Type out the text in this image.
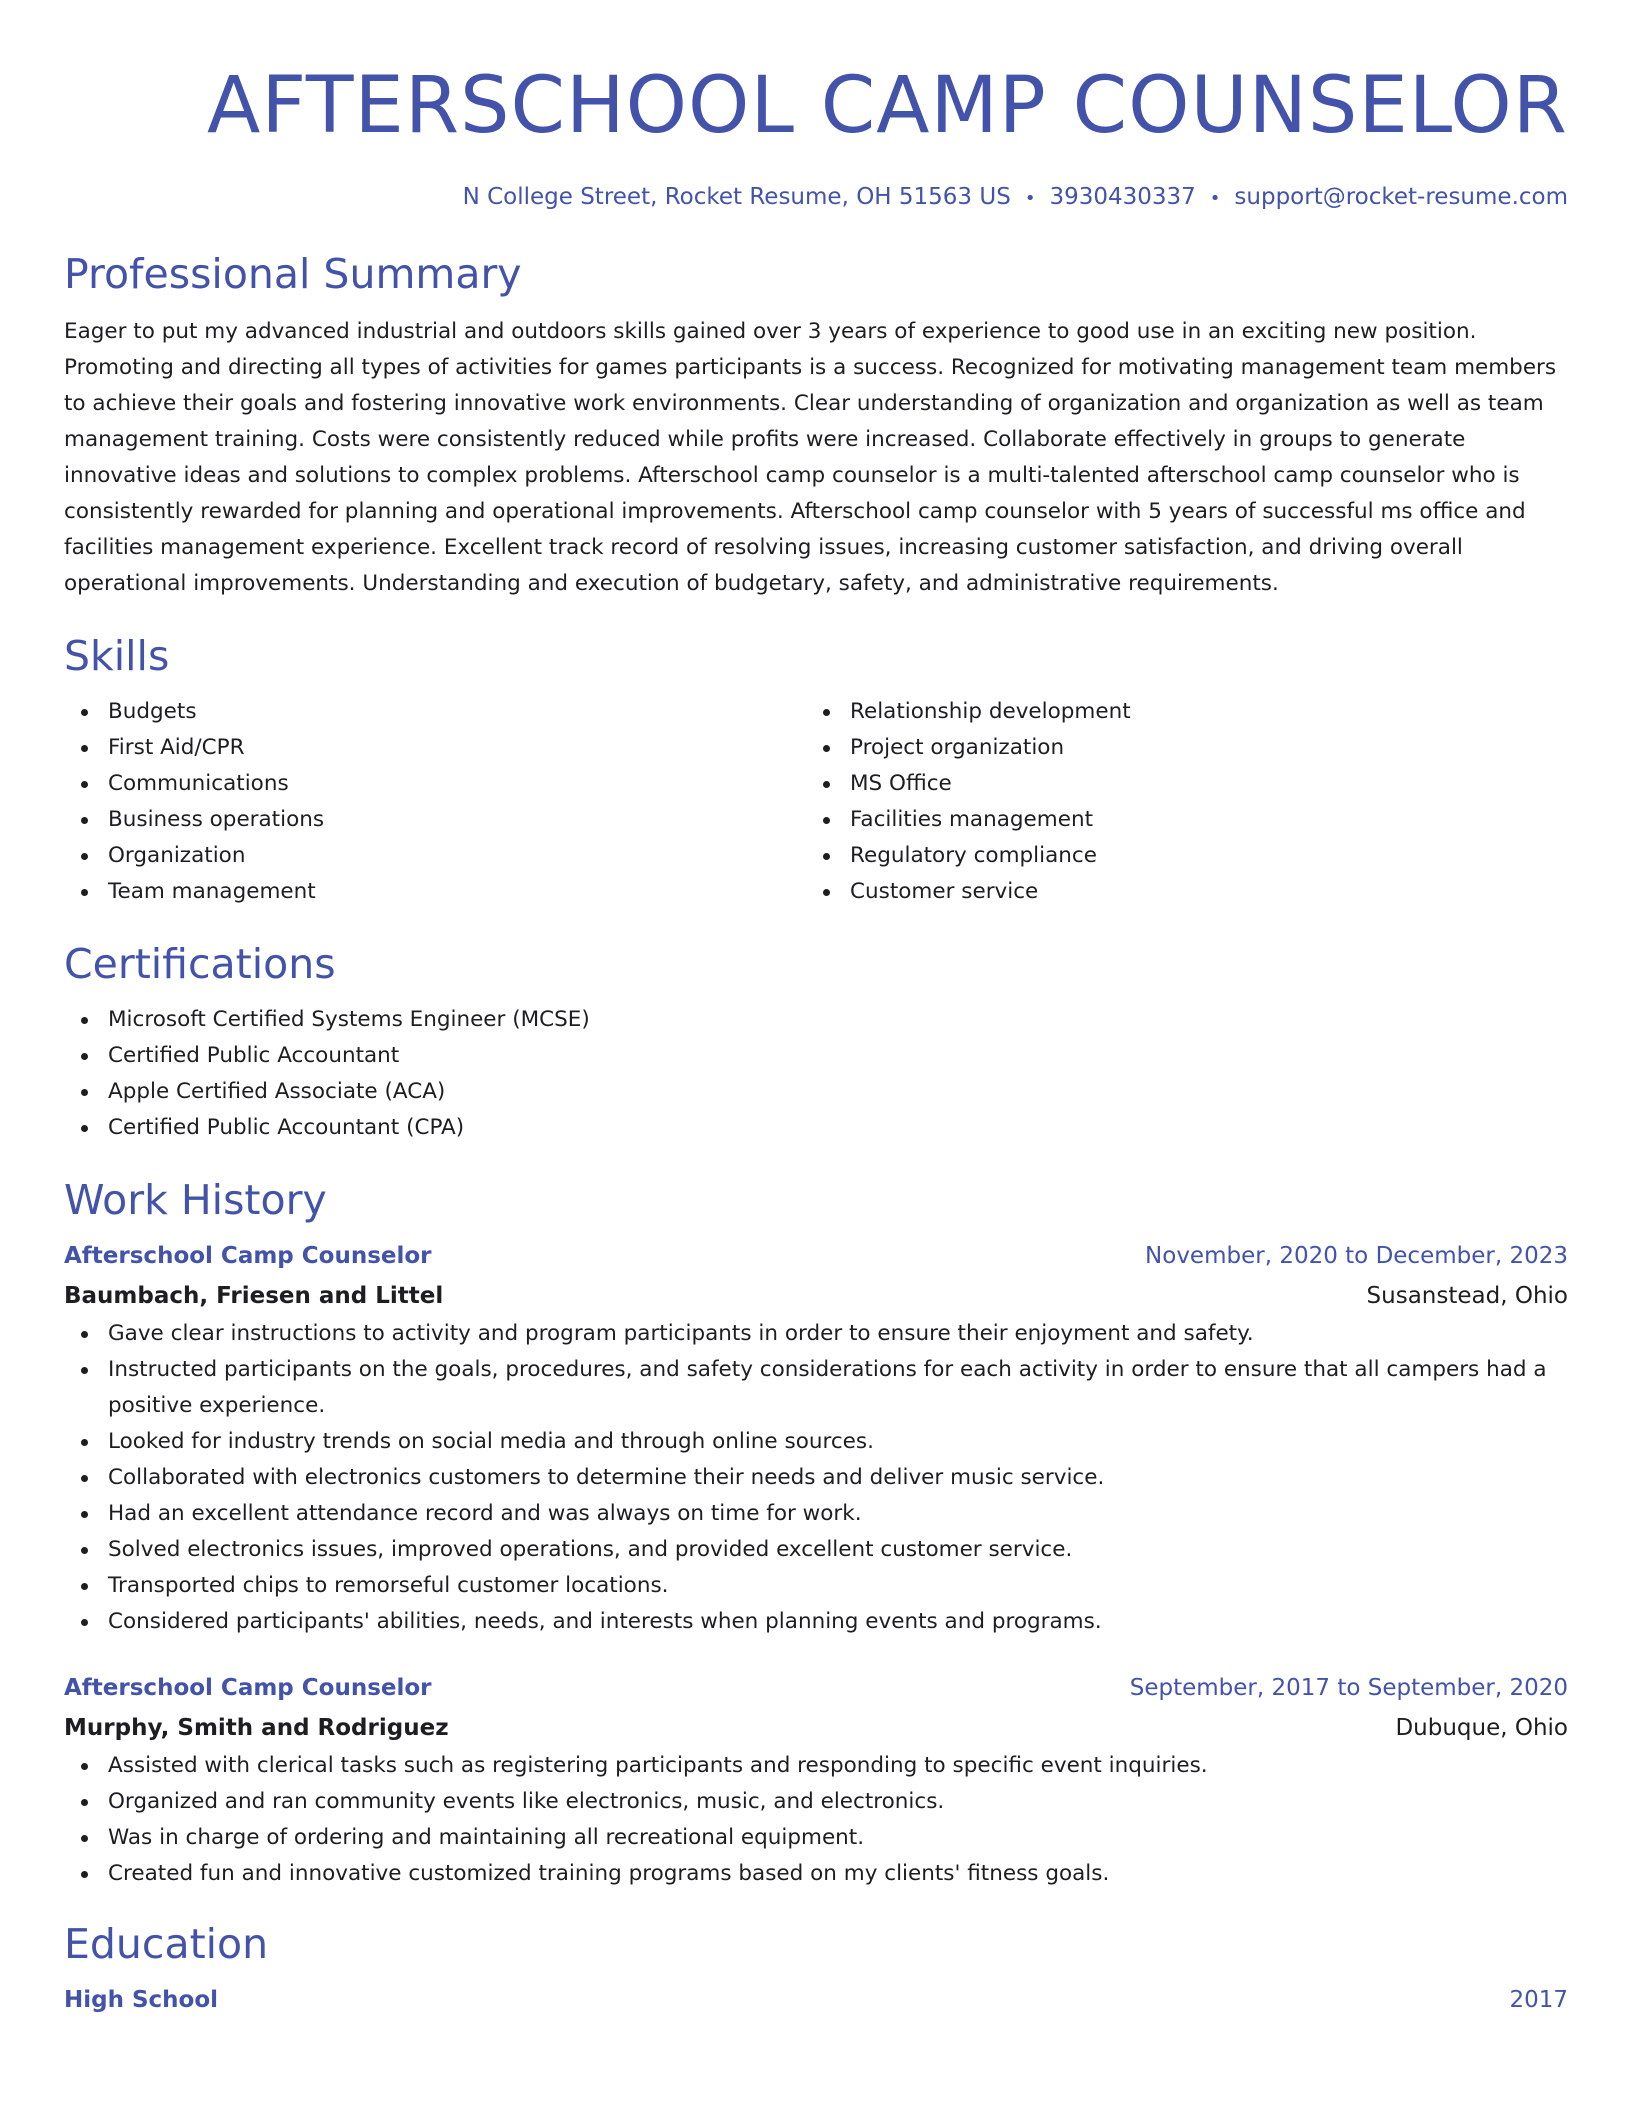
AFTERSCHOOL CAMP COUNSELOR
N College Street, Rocket Resume, OH 51563 US • 3930430337 • support@rocket-resume.com
Professional Summary

Eager to put my advanced industrial and outdoors skills gained over 3 years of experience to good use in an exciting new position. Promoting and directing all types of activities for games participants is a success. Recognized for motivating management team members to achieve their goals and fostering innovative work environments. Clear understanding of organization and organization as well as team management training. Costs were consistently reduced while profits were increased. Collaborate effectively in groups to generate innovative ideas and solutions to complex problems. Afterschool camp counselor is a multi-talented afterschool camp counselor who is consistently rewarded for planning and operational improvements. Afterschool camp counselor with 5 years of successful ms office and facilities management experience. Excellent track record of resolving issues, increasing customer satisfaction, and driving overall operational improvements. Understanding and execution of budgetary, safety, and administrative requirements.

Skills
Budgets
First Aid/CPR
Communications
Business operations
Organization
Team management
Relationship development
Project organization
MS Office
Facilities management
Regulatory compliance
Customer service
Certifications
Microsoft Certified Systems Engineer (MCSE)
Certified Public Accountant
Apple Certified Associate (ACA)
Certified Public Accountant (CPA)
Work History
Afterschool Camp Counselor	November, 2020 to December, 2023
Baumbach, Friesen and Littel	Susanstead, Ohio
Gave clear instructions to activity and program participants in order to ensure their enjoyment and safety.
Instructed participants on the goals, procedures, and safety considerations for each activity in order to ensure that all campers had a positive experience.
Looked for industry trends on social media and through online sources.
Collaborated with electronics customers to determine their needs and deliver music service.
Had an excellent attendance record and was always on time for work.
Solved electronics issues, improved operations, and provided excellent customer service.
Transported chips to remorseful customer locations.
Considered participants' abilities, needs, and interests when planning events and programs.
Afterschool Camp Counselor	September, 2017 to September, 2020
Murphy, Smith and Rodriguez	Dubuque, Ohio
Assisted with clerical tasks such as registering participants and responding to specific event inquiries.
Organized and ran community events like electronics, music, and electronics.
Was in charge of ordering and maintaining all recreational equipment.
Created fun and innovative customized training programs based on my clients' fitness goals.
Education
High School	2017
